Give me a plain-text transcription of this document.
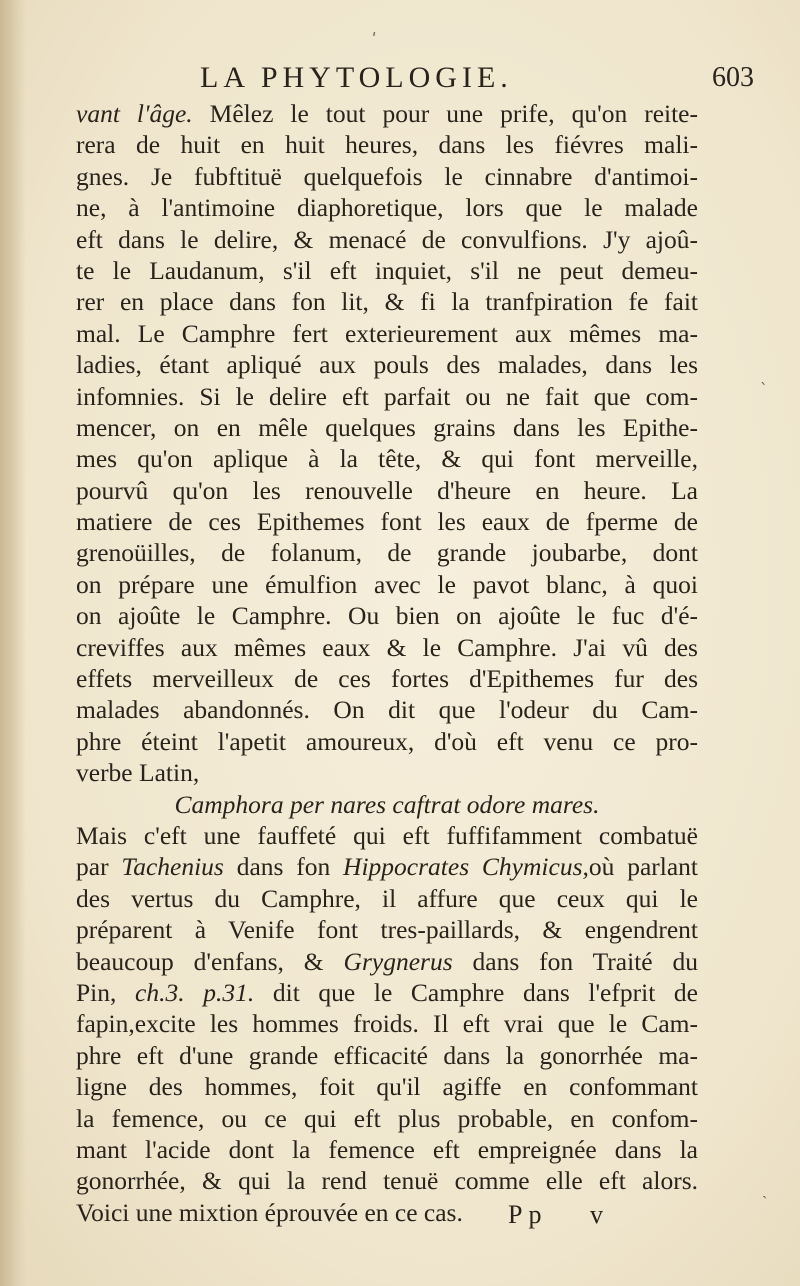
LA PHYTOLOGIE.	603
vant l'âge. Mêlez le tout pour une prife, qu'on reite-
rera de huit en huit heures, dans les fiévres mali-
gnes. Je fubftituë quelquefois le cinnabre d'antimoi-
ne, à l'antimoine diaphoretique, lors que le malade
eft dans le delire, & menacé de convulfions. J'y ajoû-
te le Laudanum, s'il eft inquiet, s'il ne peut demeu-
rer en place dans fon lit, & fi la tranfpiration fe fait
mal. Le Camphre fert exterieurement aux mêmes ma-
ladies, étant apliqué aux pouls des malades, dans les
infomnies. Si le delire eft parfait ou ne fait que com-
mencer, on en mêle quelques grains dans les Epithe-
mes qu'on aplique à la tête, & qui font merveille,
pourvû qu'on les renouvelle d'heure en heure. La
matiere de ces Epithemes font les eaux de fperme de
grenoüilles, de folanum, de grande joubarbe, dont
on prépare une émulfion avec le pavot blanc, à quoi
on ajoûte le Camphre. Ou bien on ajoûte le fuc d'é-
creviffes aux mêmes eaux & le Camphre. J'ai vû des
effets merveilleux de ces fortes d'Epithemes fur des
malades abandonnés. On dit que l'odeur du Cam-
phre éteint l'apetit amoureux, d'où eft venu ce pro-
verbe Latin,
Camphora per nares caftrat odore mares.
Mais c'eft une fauffeté qui eft fuffifamment combatuë
par Tachenius dans fon Hippocrates Chymicus,où parlant
des vertus du Camphre, il affure que ceux qui le
préparent à Venife font tres-paillards, & engendrent
beaucoup d'enfans, & Grygnerus dans fon Traité du
Pin, ch.3. p.31. dit que le Camphre dans l'efprit de
fapin,excite les hommes froids. Il eft vrai que le Cam-
phre eft d'une grande efficacité dans la gonorrhée ma-
ligne des hommes, foit qu'il agiffe en confommant
la femence, ou ce qui eft plus probable, en confom-
mant l'acide dont la femence eft empreignée dans la
gonorrhée, & qui la rend tenuë comme elle eft alors.
Voici une mixtion éprouvée en ce cas.	Pp v
ʹ
ˋ
ˎ
